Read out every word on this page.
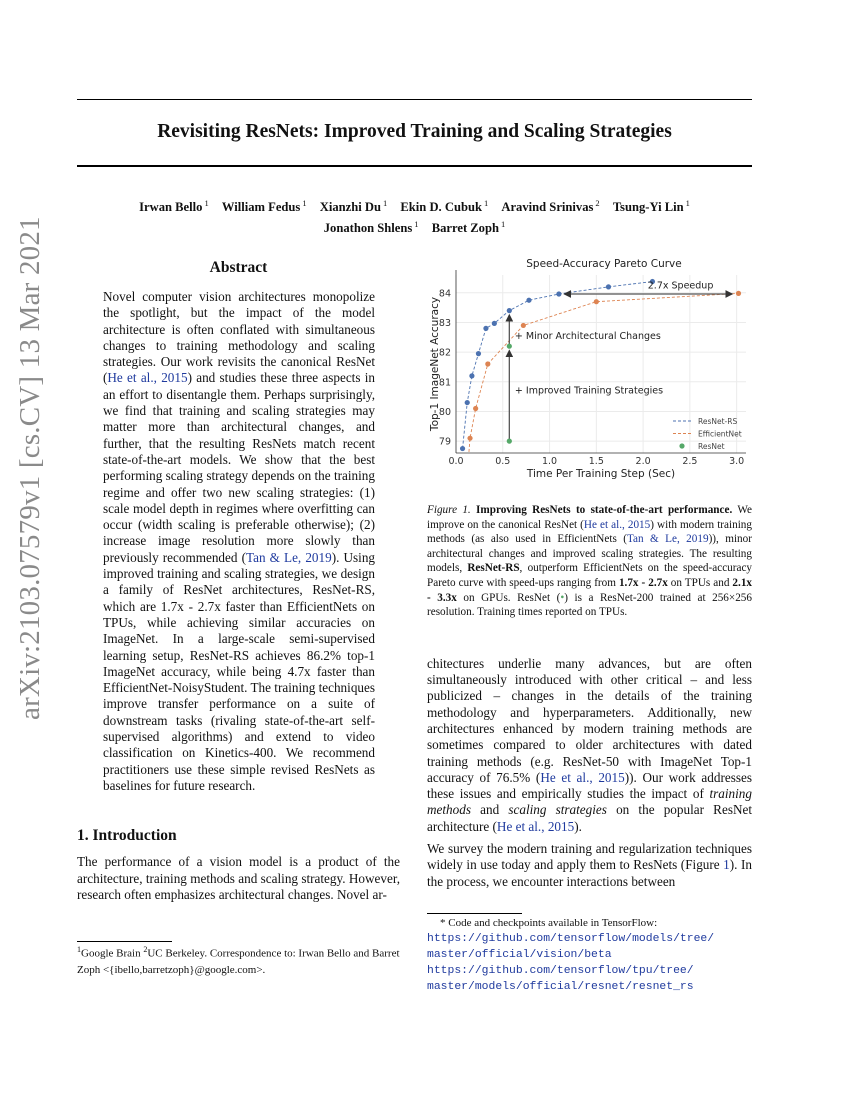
arXiv:2103.07579v1 [cs.CV] 13 Mar 2021
Revisiting ResNets: Improved Training and Scaling Strategies
Irwan Bello $^1$ William Fedus $^1$ Xianzhi Du $^1$ Ekin D. Cubuk $^1$ Aravind Srinivas $^2$ Tsung-Yi Lin $^1$
Jonathon Shlens $^1$ Barret Zoph $^1$
Abstract
Novel computer vision architectures monopolize the spotlight, but the impact of the model architecture is often conflated with simultaneous changes to training methodology and scaling strategies. Our work revisits the canonical ResNet (He et al., 2015) and studies these three aspects in an effort to disentangle them. Perhaps surprisingly, we find that training and scaling strategies may matter more than architectural changes, and further, that the resulting ResNets match recent state-of-the-art models. We show that the best performing scaling strategy depends on the training regime and offer two new scaling strategies: (1) scale model depth in regimes where overfitting can occur (width scaling is preferable otherwise); (2) increase image resolution more slowly than previously recommended (Tan & Le, 2019). Using improved training and scaling strategies, we design a family of ResNet architectures, ResNet-RS, which are 1.7x - 2.7x faster than EfficientNets on TPUs, while achieving similar accuracies on ImageNet. In a large-scale semi-supervised learning setup, ResNet-RS achieves 86.2% top-1 ImageNet accuracy, while being 4.7x faster than EfficientNet-NoisyStudent. The training techniques improve transfer performance on a suite of downstream tasks (rivaling state-of-the-art self-supervised algorithms) and extend to video classification on Kinetics-400. We recommend practitioners use these simple revised ResNets as baselines for future research.
1. Introduction
The performance of a vision model is a product of the architecture, training methods and scaling strategy. However, research often emphasizes architectural changes. Novel ar-
$^1$Google Brain $^2$UC Berkeley. Correspondence to: Irwan Bello and Barret Zoph <{ibello,barretzoph}@google.com>.
0.0	0.5	1.0	1.5	2.0	2.5	3.0
79
80
81
82
83
84
Speed-Accuracy Pareto Curve
Time Per Training Step (Sec)
Top-1 ImageNet Accuracy
2.7x Speedup
+ Minor Architectural Changes
+ Improved Training Strategies
ResNet-RS
EfficientNet
ResNet
Figure 1. Improving ResNets to state-of-the-art performance. We improve on the canonical ResNet (He et al., 2015) with modern training methods (as also used in EfficientNets (Tan & Le, 2019)), minor architectural changes and improved scaling strategies. The resulting models, ResNet-RS, outperform EfficientNets on the speed-accuracy Pareto curve with speed-ups ranging from 1.7x - 2.7x on TPUs and 2.1x - 3.3x on GPUs. ResNet (•) is a ResNet-200 trained at 256×256 resolution. Training times reported on TPUs.
chitectures underlie many advances, but are often simultaneously introduced with other critical – and less publicized – changes in the details of the training methodology and hyperparameters. Additionally, new architectures enhanced by modern training methods are sometimes compared to older architectures with dated training methods (e.g. ResNet-50 with ImageNet Top-1 accuracy of 76.5% (He et al., 2015)). Our work addresses these issues and empirically studies the impact of training methods and scaling strategies on the popular ResNet architecture (He et al., 2015).
We survey the modern training and regularization techniques widely in use today and apply them to ResNets (Figure 1). In the process, we encounter interactions between
* Code and checkpoints available in TensorFlow:
https://github.com/tensorflow/models/tree/
master/official/vision/beta
https://github.com/tensorflow/tpu/tree/
master/models/official/resnet/resnet_rs
